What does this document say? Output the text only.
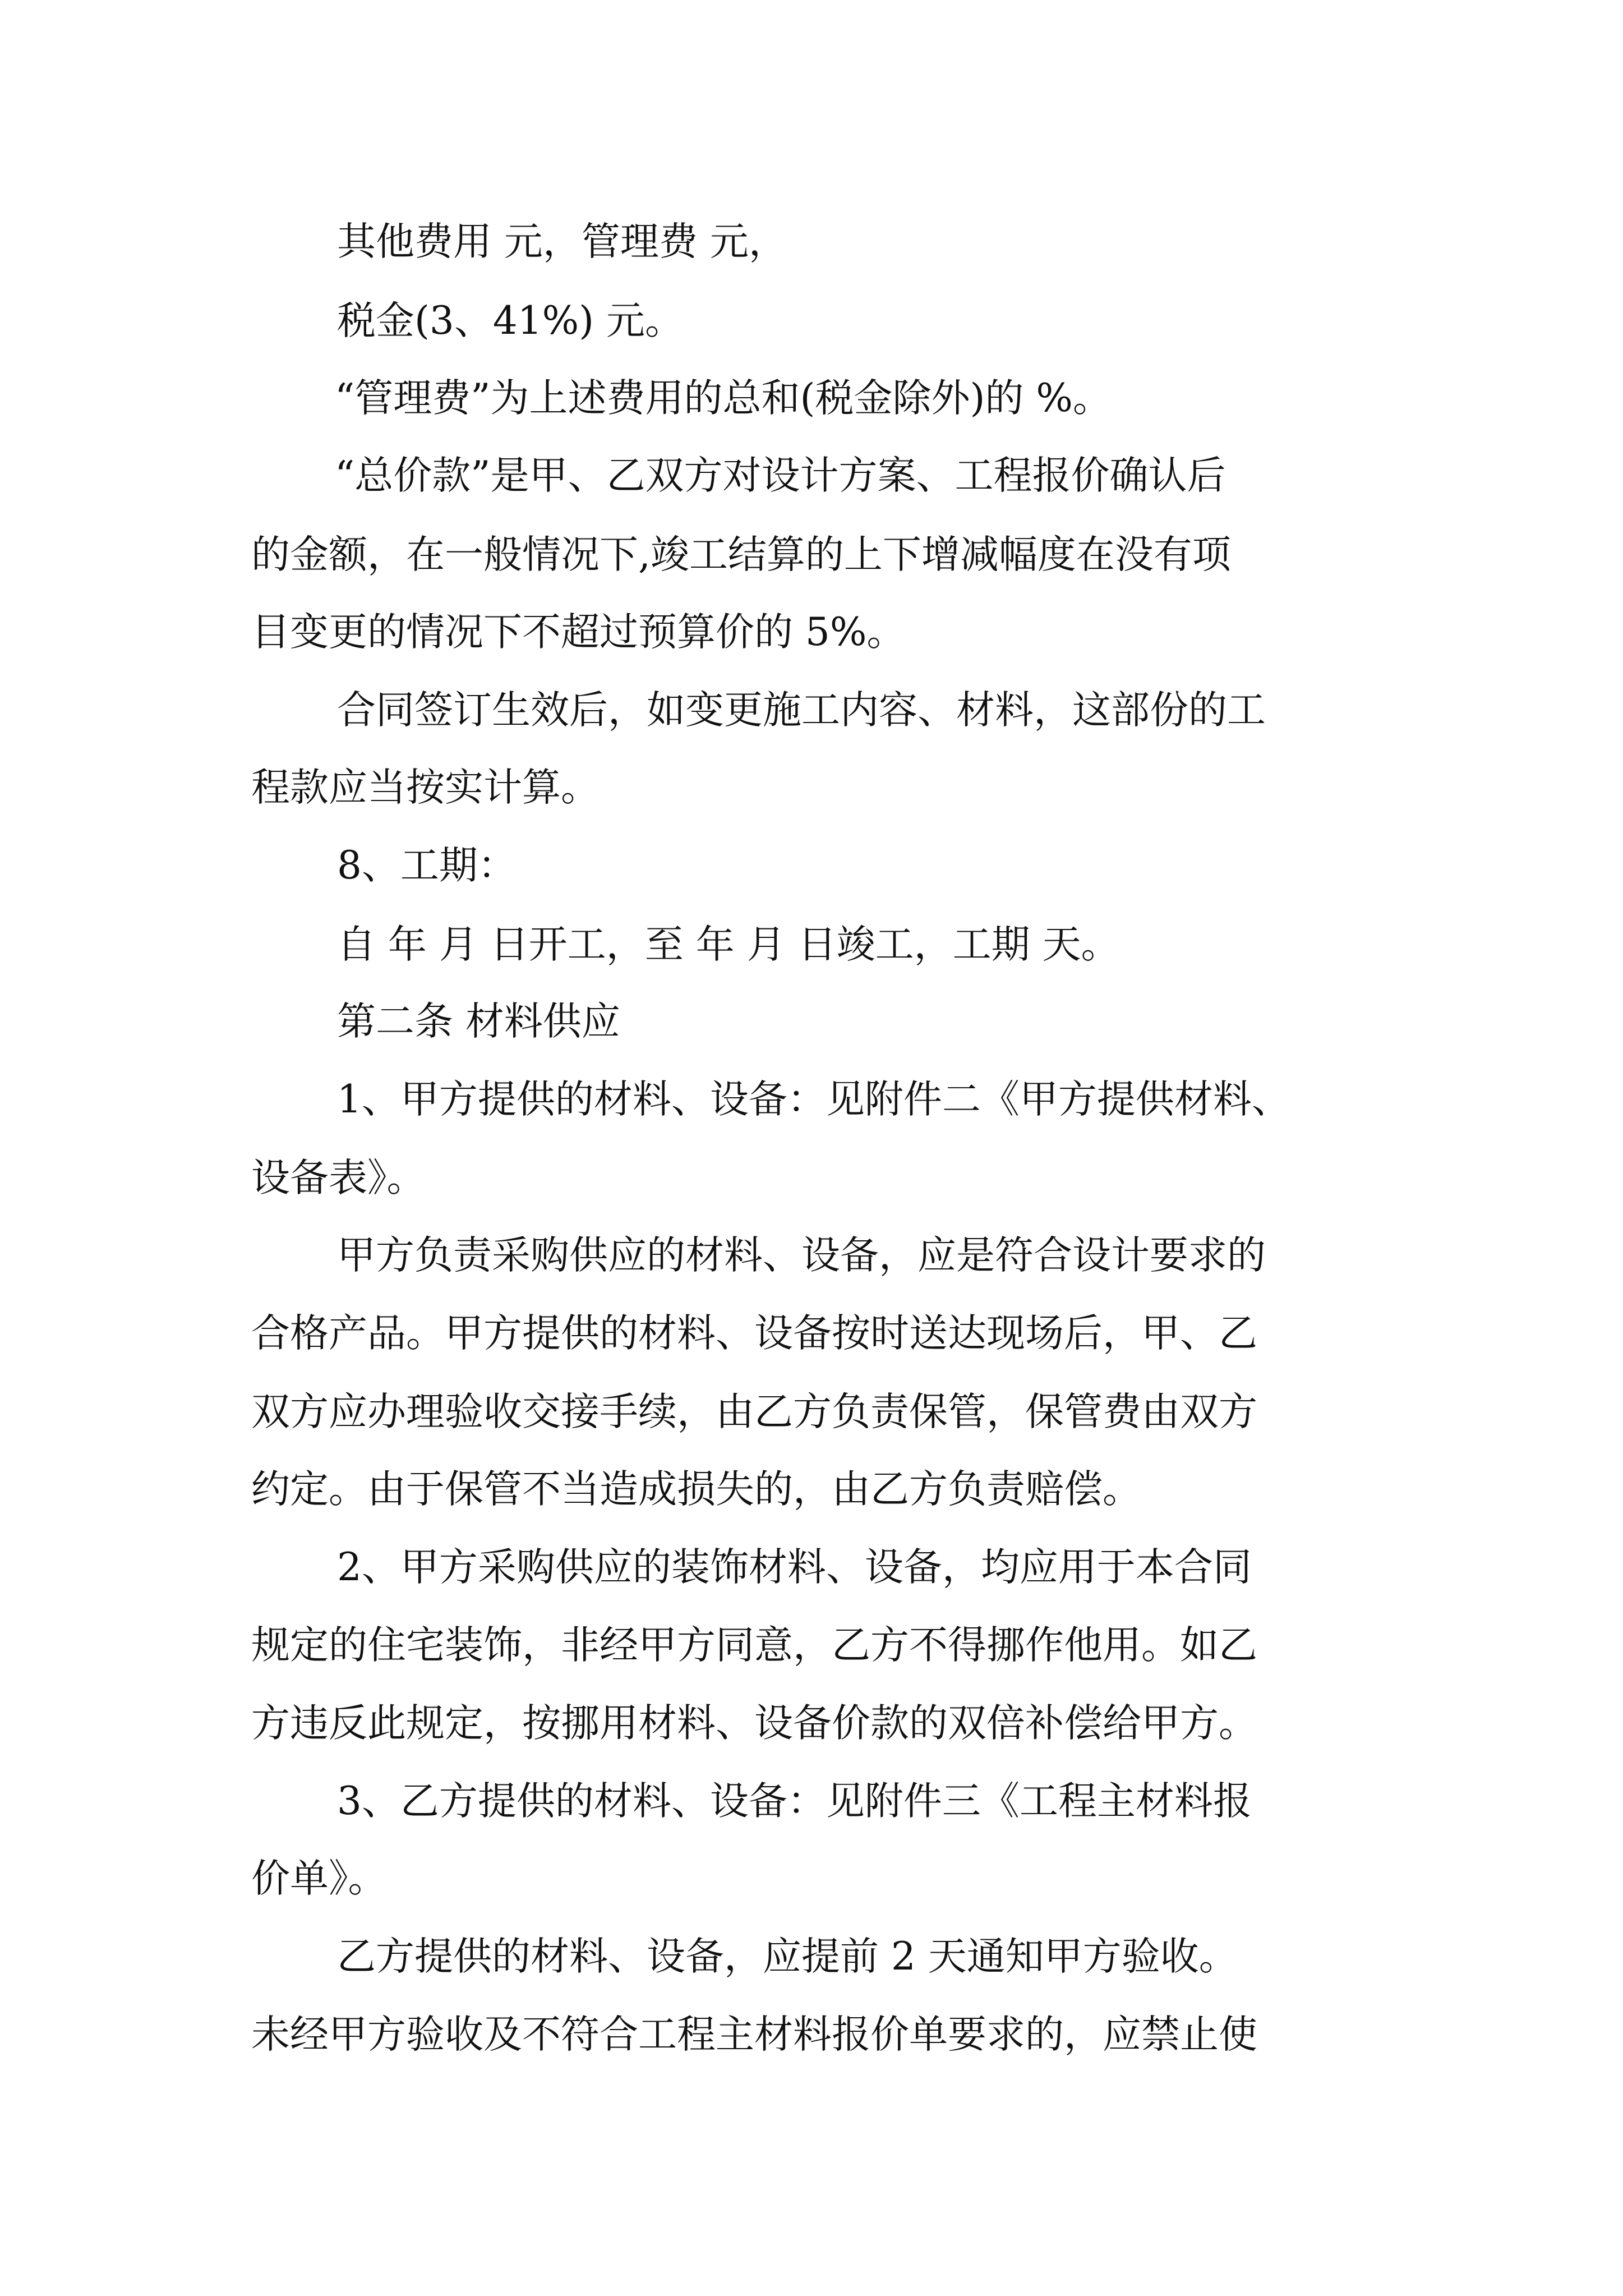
其他费用 元，管理费 元，

税金(3、41%) 元。

“管理费”为上述费用的总和(税金除外)的 %。

“总价款”是甲、乙双方对设计方案、工程报价确认后

的金额，在一般情况下,竣工结算的上下增减幅度在没有项

目变更的情况下不超过预算价的 5%。

合同签订生效后，如变更施工内容、材料，这部份的工

程款应当按实计算。

8、工期：

自 年 月 日开工，至 年 月 日竣工，工期 天。

第二条 材料供应

1、甲方提供的材料、设备：见附件二《甲方提供材料、

设备表》。

甲方负责采购供应的材料、设备，应是符合设计要求的

合格产品。甲方提供的材料、设备按时送达现场后，甲、乙

双方应办理验收交接手续，由乙方负责保管，保管费由双方

约定。由于保管不当造成损失的，由乙方负责赔偿。

2、甲方采购供应的装饰材料、设备，均应用于本合同

规定的住宅装饰，非经甲方同意，乙方不得挪作他用。如乙

方违反此规定，按挪用材料、设备价款的双倍补偿给甲方。

3、乙方提供的材料、设备：见附件三《工程主材料报

价单》。

乙方提供的材料、设备，应提前 2 天通知甲方验收。

未经甲方验收及不符合工程主材料报价单要求的，应禁止使
